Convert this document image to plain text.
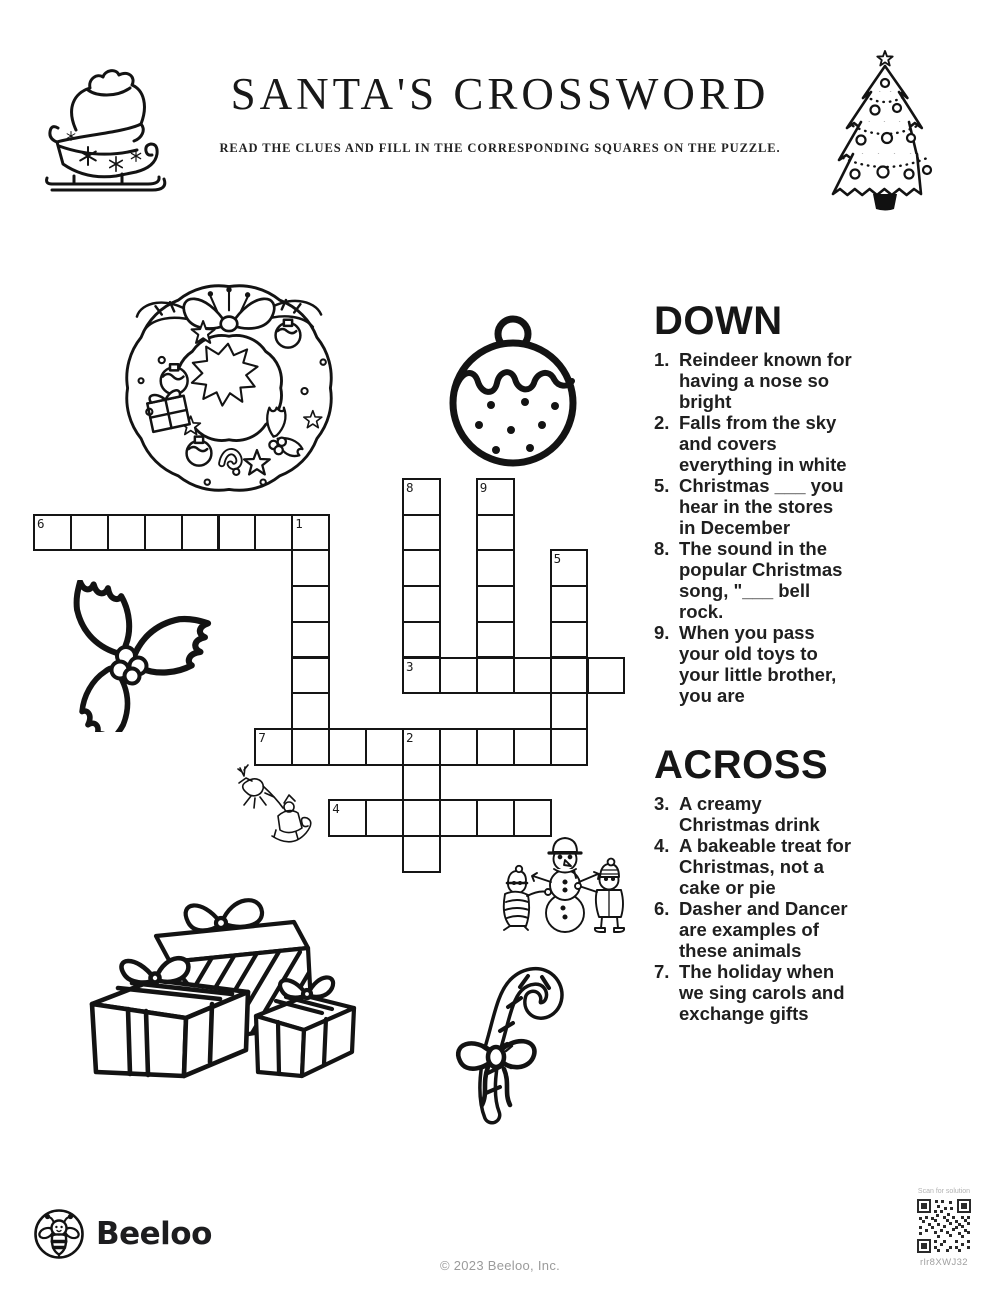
SANTA'S CROSSWORD
READ THE CLUES AND FILL IN THE CORRESPONDING SQUARES ON THE PUZZLE.
8	9
6	1
5
3
7	2
4
DOWN
1. Reindeer known for having a nose so bright
2. Falls from the sky and covers everything in white
5. Christmas ___ you hear in the stores in December
8. The sound in the popular Christmas song, "___ bell rock.
9. When you pass your old toys to your little brother, you are
ACROSS
3. A creamy Christmas drink
4. A bakeable treat for Christmas, not a cake or pie
6. Dasher and Dancer are examples of these animals
7. The holiday when we sing carols and exchange gifts
Beeloo
© 2023 Beeloo, Inc.
Scan for solution
rlr8XWJ32
